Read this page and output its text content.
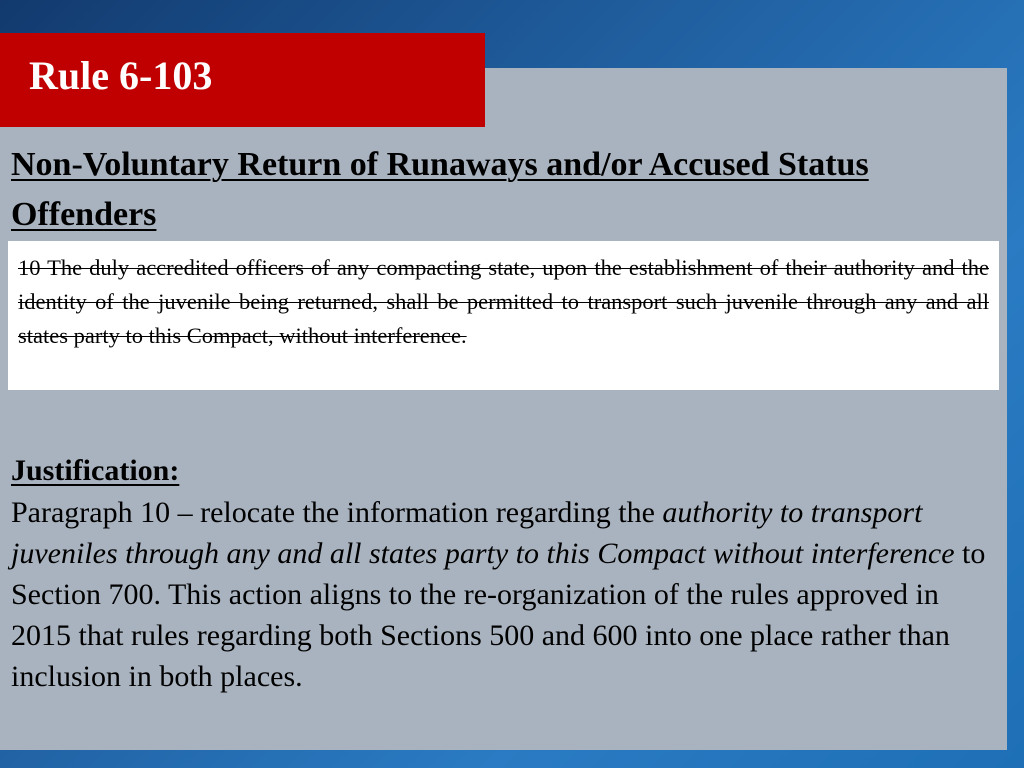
Rule 6-103
Non-Voluntary Return of Runaways and/or Accused Status Offenders

10 The duly accredited officers of any compacting state, upon the establishment of their authority and the identity of the juvenile being returned, shall be permitted to transport such juvenile through any and all states party to this Compact, without interference.

Justification:

Paragraph 10 – relocate the information regarding the authority to transport juveniles through any and all states party to this Compact without interference to Section 700. This action aligns to the re-organization of the rules approved in 2015 that rules regarding both Sections 500 and 600 into one place rather than inclusion in both places.
